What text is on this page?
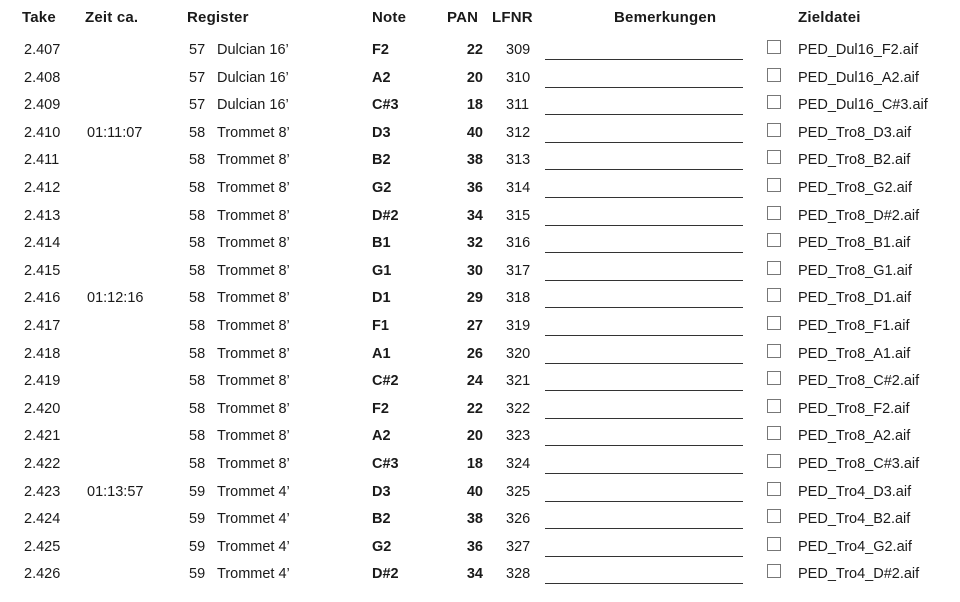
Take Zeit ca.	Register	Note	PAN LFNR	Bemerkungen	Zieldatei
2.407	57 Dulcian 16’	F2	22 309	PED_Dul16_F2.aif
2.408	57 Dulcian 16’	A2	20 310	PED_Dul16_A2.aif
2.409	57 Dulcian 16’	C#3	18 311	PED_Dul16_C#3.aif
2.410 01:11:07	58 Trommet 8’	D3	40 312	PED_Tro8_D3.aif
2.411	58 Trommet 8’	B2	38 313	PED_Tro8_B2.aif
2.412	58 Trommet 8’	G2	36 314	PED_Tro8_G2.aif
2.413	58 Trommet 8’	D#2	34 315	PED_Tro8_D#2.aif
2.414	58 Trommet 8’	B1	32 316	PED_Tro8_B1.aif
2.415	58 Trommet 8’	G1	30 317	PED_Tro8_G1.aif
2.416 01:12:16	58 Trommet 8’	D1	29 318	PED_Tro8_D1.aif
2.417	58 Trommet 8’	F1	27 319	PED_Tro8_F1.aif
2.418	58 Trommet 8’	A1	26 320	PED_Tro8_A1.aif
2.419	58 Trommet 8’	C#2	24 321	PED_Tro8_C#2.aif
2.420	58 Trommet 8’	F2	22 322	PED_Tro8_F2.aif
2.421	58 Trommet 8’	A2	20 323	PED_Tro8_A2.aif
2.422	58 Trommet 8’	C#3	18 324	PED_Tro8_C#3.aif
2.423 01:13:57	59 Trommet 4’	D3	40 325	PED_Tro4_D3.aif
2.424	59 Trommet 4’	B2	38 326	PED_Tro4_B2.aif
2.425	59 Trommet 4’	G2	36 327	PED_Tro4_G2.aif
2.426	59 Trommet 4’	D#2	34 328	PED_Tro4_D#2.aif
